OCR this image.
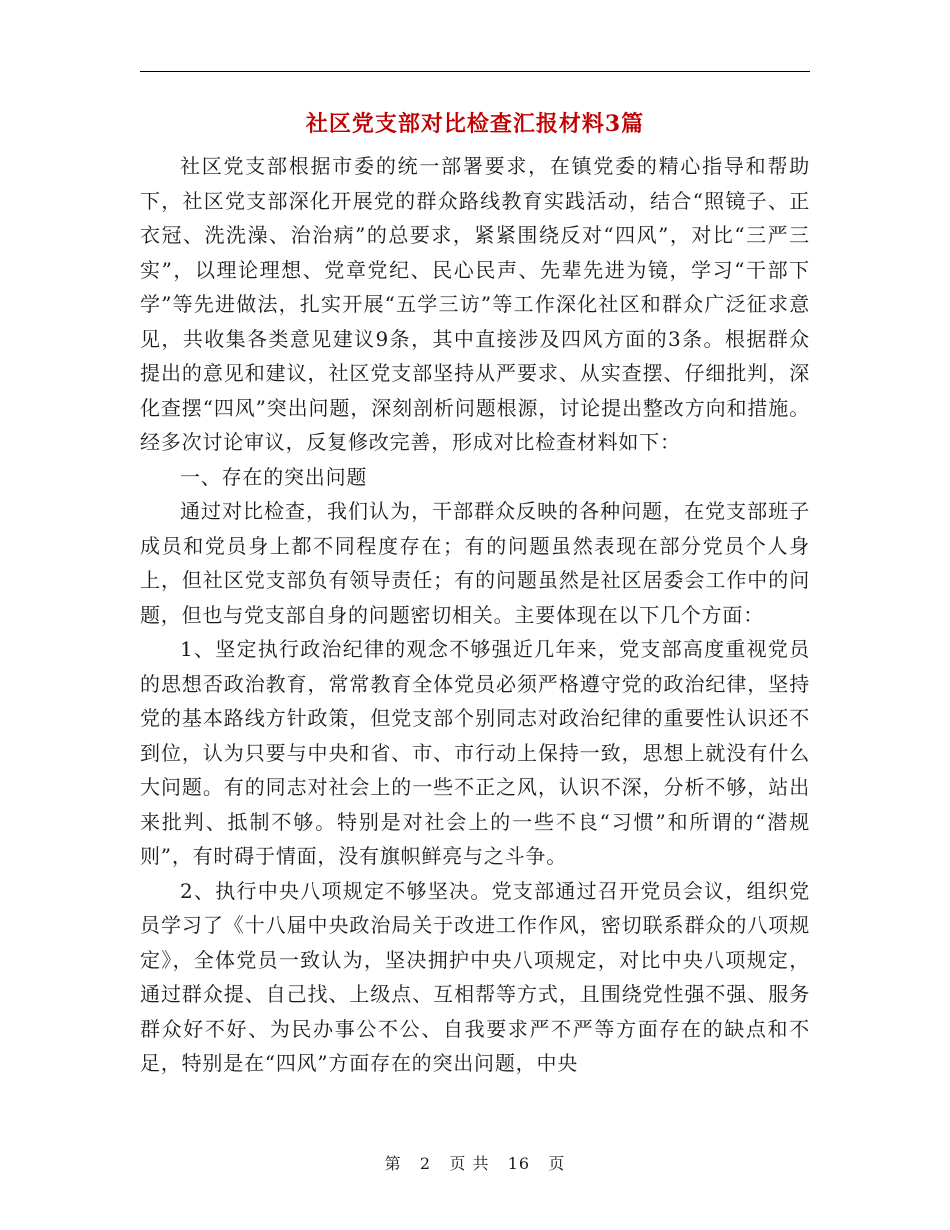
社区党支部对比检查汇报材料3篇

社区党支部根据市委的统一部署要求，在镇党委的精心指导和帮助下，社区党支部深化开展党的群众路线教育实践活动，结合“照镜子、正衣冠、洗洗澡、治治病”的总要求，紧紧围绕反对“四风”，对比“三严三实”，以理论理想、党章党纪、民心民声、先辈先进为镜，学习“干部下学”等先进做法，扎实开展“五学三访”等工作深化社区和群众广泛征求意见，共收集各类意见建议9条，其中直接涉及四风方面的3条。根据群众提出的意见和建议，社区党支部坚持从严要求、从实查摆、仔细批判，深化查摆“四风”突出问题，深刻剖析问题根源，讨论提出整改方向和措施。经多次讨论审议，反复修改完善，形成对比检查材料如下：

一、存在的突出问题

通过对比检查，我们认为，干部群众反映的各种问题，在党支部班子成员和党员身上都不同程度存在；有的问题虽然表现在部分党员个人身上，但社区党支部负有领导责任；有的问题虽然是社区居委会工作中的问题，但也与党支部自身的问题密切相关。主要体现在以下几个方面：

1、坚定执行政治纪律的观念不够强近几年来，党支部高度重视党员的思想否政治教育，常常教育全体党员必须严格遵守党的政治纪律，坚持党的基本路线方针政策，但党支部个别同志对政治纪律的重要性认识还不到位，认为只要与中央和省、市、市行动上保持一致，思想上就没有什么大问题。有的同志对社会上的一些不正之风，认识不深，分析不够，站出来批判、抵制不够。特别是对社会上的一些不良“习惯”和所谓的“潜规则”，有时碍于情面，没有旗帜鲜亮与之斗争。

2、执行中央八项规定不够坚决。党支部通过召开党员会议，组织党员学习了《十八届中央政治局关于改进工作作风，密切联系群众的八项规定》，全体党员一致认为，坚决拥护中央八项规定，对比中央八项规定，通过群众提、自己找、上级点、互相帮等方式，且围绕党性强不强、服务群众好不好、为民办事公不公、自我要求严不严等方面存在的缺点和不足，特别是在“四风”方面存在的突出问题，中央

第 2 页 共 16 页
